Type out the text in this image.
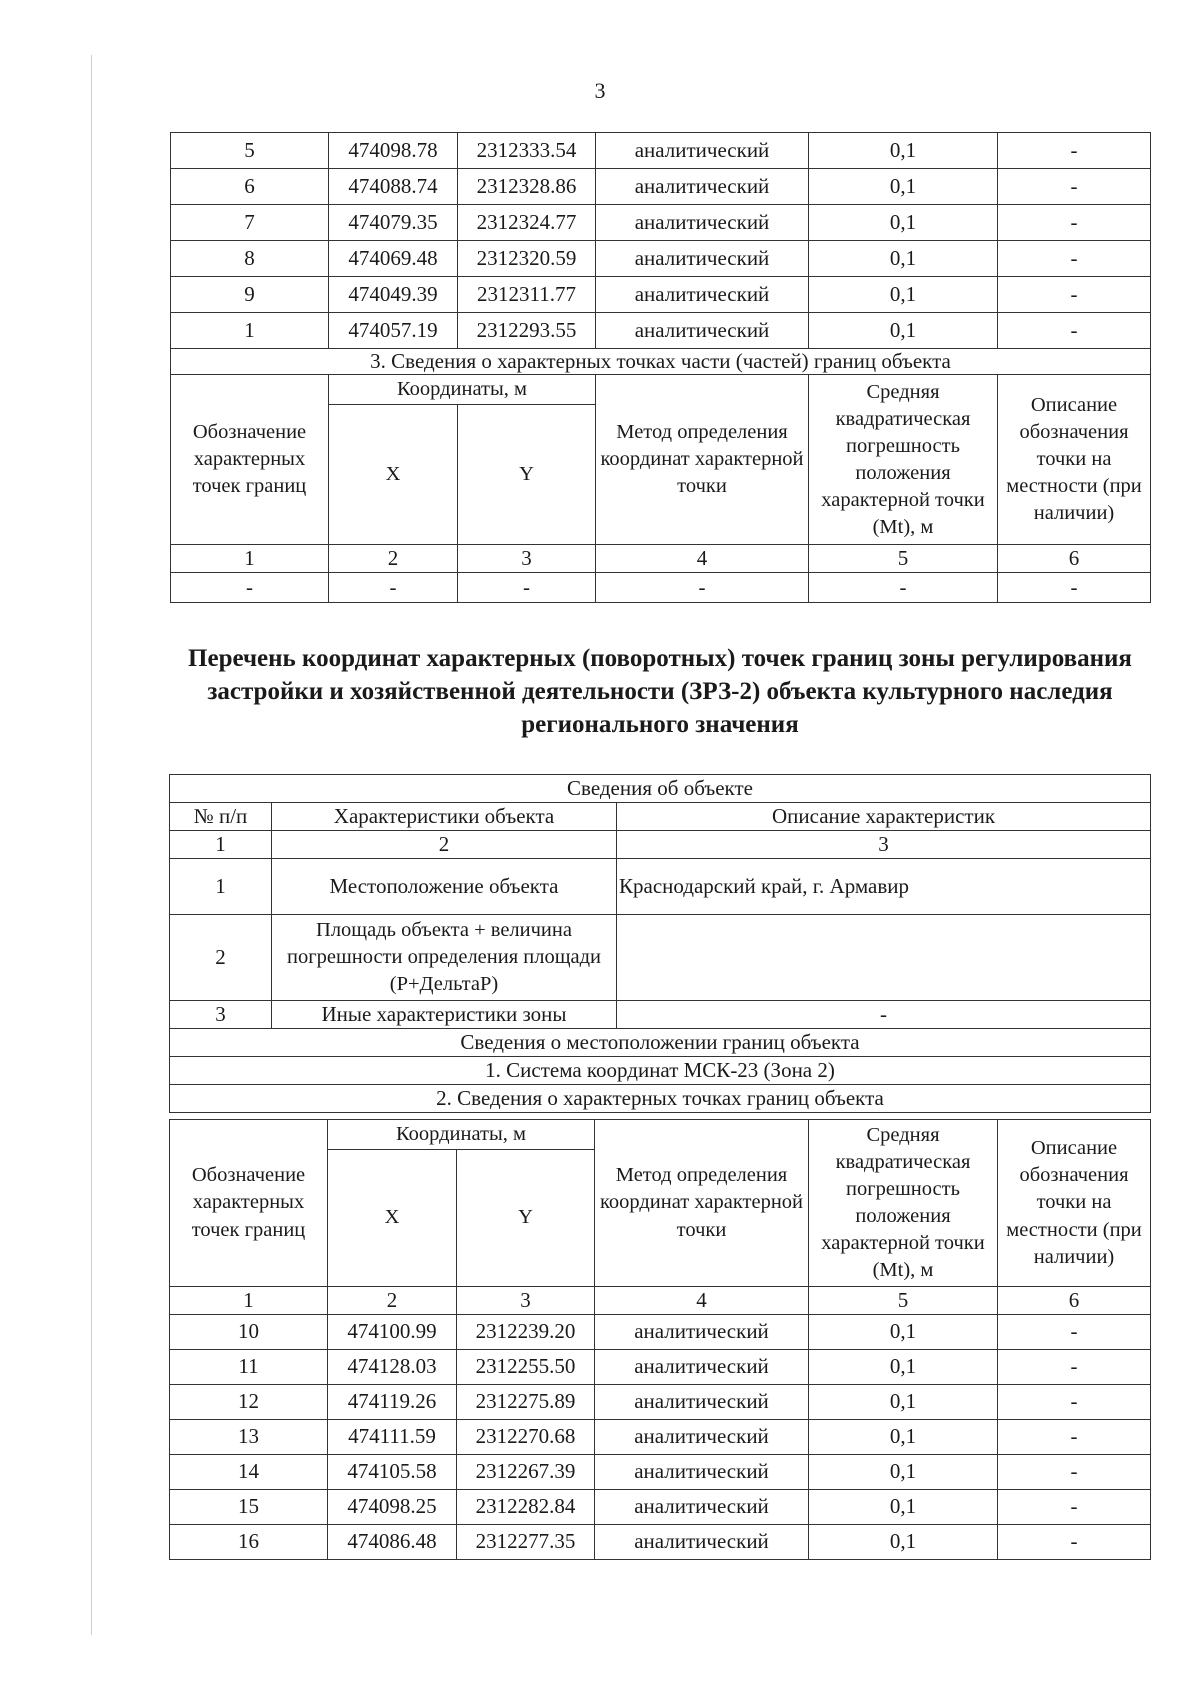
3
5	474098.78	2312333.54	аналитический	0,1	-
6	474088.74	2312328.86	аналитический	0,1	-
7	474079.35	2312324.77	аналитический	0,1	-
8	474069.48	2312320.59	аналитический	0,1	-
9	474049.39	2312311.77	аналитический	0,1	-
1	474057.19	2312293.55	аналитический	0,1	-
3. Сведения о характерных точках части (частей) границ объекта					
Обозначение характерных точек границ	Координаты, м		Метод определения координат характерной точки	Средняя квадратическая погрешность положения характерной точки (Mt), м	Описание обозначения точки на местности (при наличии)
	X	Y			
1	2	3	4	5	6
-	-	-	-	-	-
Перечень координат характерных (поворотных) точек границ зоны регулирования застройки и хозяйственной деятельности (ЗРЗ-2) объекта культурного наследия регионального значения
Сведения об объекте		
№ п/п	Характеристики объекта	Описание характеристик
1	2	3
1	Местоположение объекта	Краснодарский край, г. Армавир
2	Площадь объекта + величина погрешности определения площади (Р+ДельтаР)	
3	Иные характеристики зоны	-
Сведения о местоположении границ объекта		
1. Система координат МСК-23 (Зона 2)		
2. Сведения о характерных точках границ объекта		
Обозначение характерных точек границ	Координаты, м		Метод определения координат характерной точки	Средняя квадратическая погрешность положения характерной точки (Mt), м	Описание обозначения точки на местности (при наличии)
	X	Y			
1	2	3	4	5	6
10	474100.99	2312239.20	аналитический	0,1	-
11	474128.03	2312255.50	аналитический	0,1	-
12	474119.26	2312275.89	аналитический	0,1	-
13	474111.59	2312270.68	аналитический	0,1	-
14	474105.58	2312267.39	аналитический	0,1	-
15	474098.25	2312282.84	аналитический	0,1	-
16	474086.48	2312277.35	аналитический	0,1	-
